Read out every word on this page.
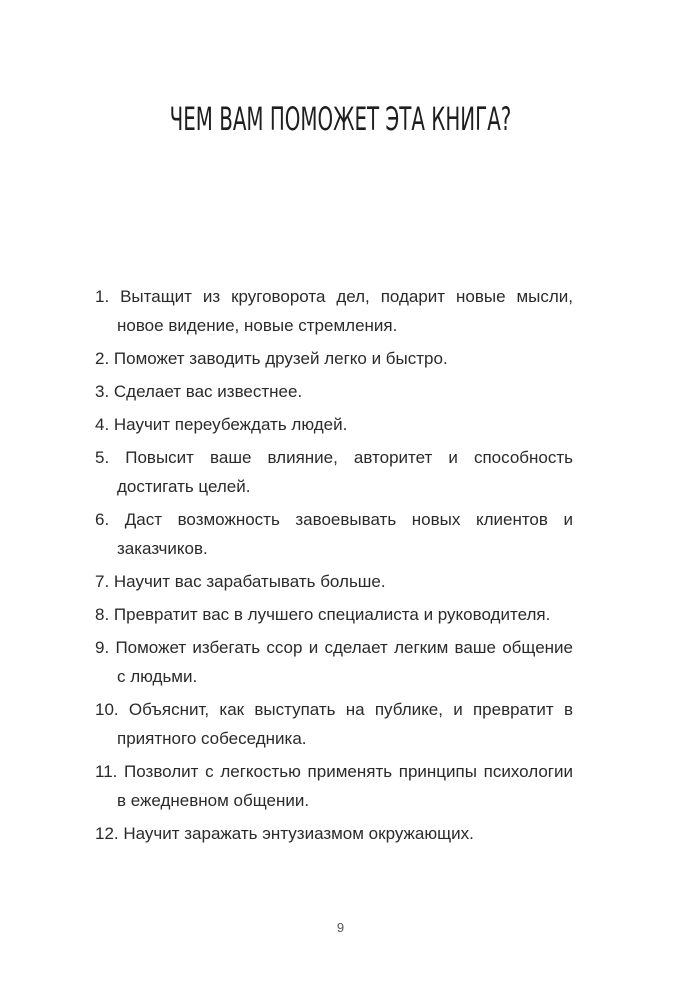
ЧЕМ ВАМ ПОМОЖЕТ ЭТА КНИГА?
1. Вытащит из круговорота дел, подарит новые мысли, новое видение, новые стремления.
2. Поможет заводить друзей легко и быстро.
3. Сделает вас известнее.
4. Научит переубеждать людей.
5. Повысит ваше влияние, авторитет и способность достигать целей.
6. Даст возможность завоевывать новых клиентов и заказчиков.
7. Научит вас зарабатывать больше.
8. Превратит вас в лучшего специалиста и руководителя.
9. Поможет избегать ссор и сделает легким ваше общение с людьми.
10. Объяснит, как выступать на публике, и превратит в приятного собеседника.
11. Позволит с легкостью применять принципы психологии в ежедневном общении.
12. Научит заражать энтузиазмом окружающих.
9
